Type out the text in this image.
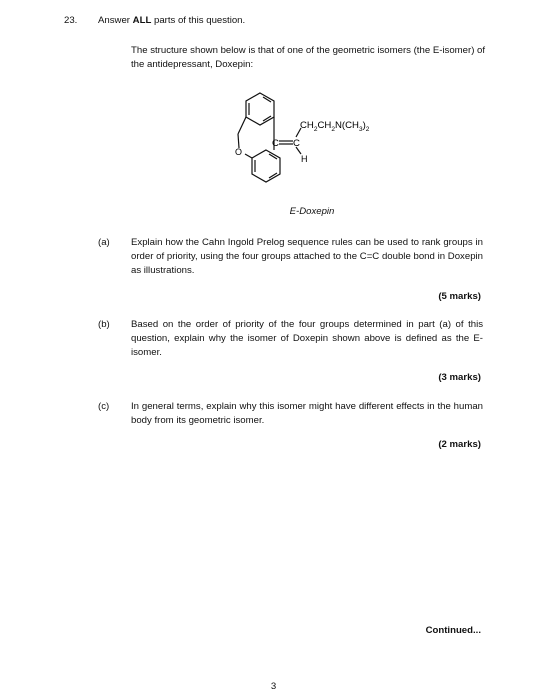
23. Answer ALL parts of this question.
The structure shown below is that of one of the geometric isomers (the E-isomer) of the antidepressant, Doxepin:
$CH_2CH_2N(CH_3)_2$
C C
H
O
E-Doxepin
(a) Explain how the Cahn Ingold Prelog sequence rules can be used to rank groups in order of priority, using the four groups attached to the C=C double bond in Doxepin as illustrations.
(5 marks)
(b) Based on the order of priority of the four groups determined in part (a) of this question, explain why the isomer of Doxepin shown above is defined as the E-isomer.
(3 marks)
(c) In general terms, explain why this isomer might have different effects in the human body from its geometric isomer.
(2 marks)
Continued...
3
